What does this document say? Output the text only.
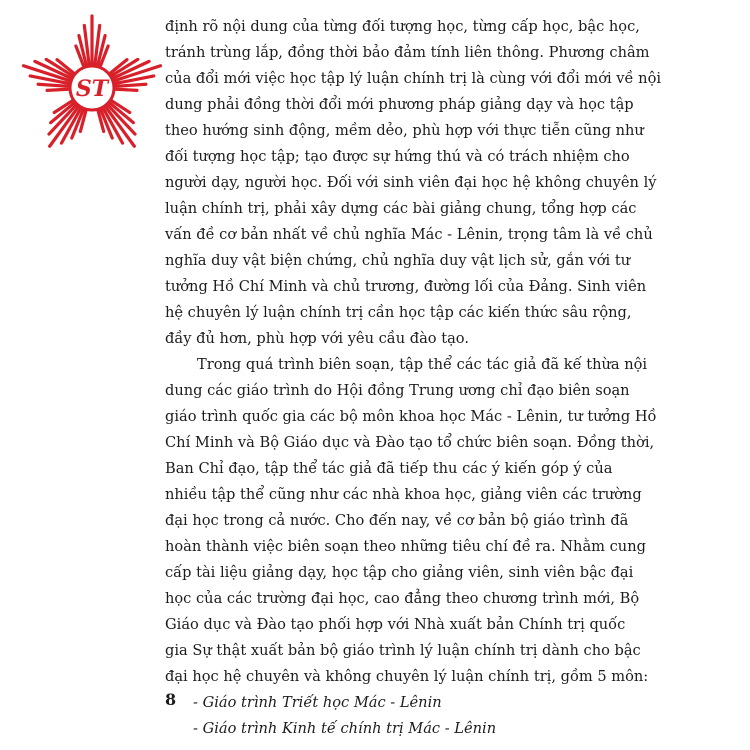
ST
định rõ nội dung của từng đối tượng học, từng cấp học, bậc học,
tránh trùng lắp, đồng thời bảo đảm tính liên thông. Phương châm
của đổi mới việc học tập lý luận chính trị là cùng với đổi mới về nội
dung phải đồng thời đổi mới phương pháp giảng dạy và học tập
theo hướng sinh động, mềm dẻo, phù hợp với thực tiễn cũng như
đối tượng học tập; tạo được sự hứng thú và có trách nhiệm cho
người dạy, người học. Đối với sinh viên đại học hệ không chuyên lý
luận chính trị, phải xây dựng các bài giảng chung, tổng hợp các
vấn đề cơ bản nhất về chủ nghĩa Mác - Lênin, trọng tâm là về chủ
nghĩa duy vật biện chứng, chủ nghĩa duy vật lịch sử, gắn với tư
tưởng Hồ Chí Minh và chủ trương, đường lối của Đảng. Sinh viên
hệ chuyên lý luận chính trị cần học tập các kiến thức sâu rộng,
đầy đủ hơn, phù hợp với yêu cầu đào tạo.
Trong quá trình biên soạn, tập thể các tác giả đã kế thừa nội
dung các giáo trình do Hội đồng Trung ương chỉ đạo biên soạn
giáo trình quốc gia các bộ môn khoa học Mác - Lênin, tư tưởng Hồ
Chí Minh và Bộ Giáo dục và Đào tạo tổ chức biên soạn. Đồng thời,
Ban Chỉ đạo, tập thể tác giả đã tiếp thu các ý kiến góp ý của
nhiều tập thể cũng như các nhà khoa học, giảng viên các trường
đại học trong cả nước. Cho đến nay, về cơ bản bộ giáo trình đã
hoàn thành việc biên soạn theo những tiêu chí đề ra. Nhằm cung
cấp tài liệu giảng dạy, học tập cho giảng viên, sinh viên bậc đại
học của các trường đại học, cao đẳng theo chương trình mới, Bộ
Giáo dục và Đào tạo phối hợp với Nhà xuất bản Chính trị quốc
gia Sự thật xuất bản bộ giáo trình lý luận chính trị dành cho bậc
đại học hệ chuyên và không chuyên lý luận chính trị, gồm 5 môn:
- Giáo trình Triết học Mác - Lênin
- Giáo trình Kinh tế chính trị Mác - Lênin
8
